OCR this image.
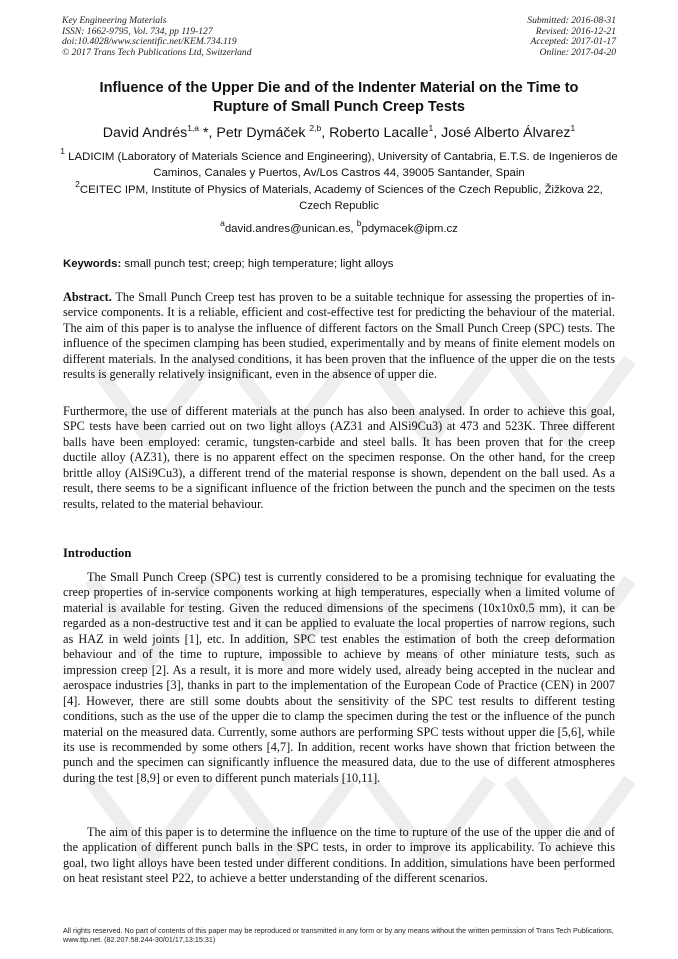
Key Engineering Materials
ISSN: 1662-9795, Vol. 734, pp 119-127
doi:10.4028/www.scientific.net/KEM.734.119
© 2017 Trans Tech Publications Ltd, Switzerland
Submitted: 2016-08-31
Revised: 2016-12-21
Accepted: 2017-01-17
Online: 2017-04-20
Influence of the Upper Die and of the Indenter Material on the Time to
Rupture of Small Punch Creep Tests
David Andrés$^{1,a}$ *, Petr Dymáček $^{2,b}$, Roberto Lacalle$^1$, José Alberto Álvarez$^1$
$^1$ LADICIM (Laboratory of Materials Science and Engineering), University of Cantabria, E.T.S. de Ingenieros de Caminos, Canales y Puertos, Av/Los Castros 44, 39005 Santander, Spain
$^2$CEITEC IPM, Institute of Physics of Materials, Academy of Sciences of the Czech Republic, Žižkova 22, Czech Republic
$^a$david.andres@unican.es, $^b$pdymacek@ipm.cz
Keywords: small punch test; creep; high temperature; light alloys
Abstract. The Small Punch Creep test has proven to be a suitable technique for assessing the properties of in-service components. It is a reliable, efficient and cost-effective test for predicting the behaviour of the material. The aim of this paper is to analyse the influence of different factors on the Small Punch Creep (SPC) tests. The influence of the specimen clamping has been studied, experimentally and by means of finite element models on different materials. In the analysed conditions, it has been proven that the influence of the upper die on the tests results is generally relatively insignificant, even in the absence of upper die.
Furthermore, the use of different materials at the punch has also been analysed. In order to achieve this goal, SPC tests have been carried out on two light alloys (AZ31 and AlSi9Cu3) at 473 and 523K. Three different balls have been employed: ceramic, tungsten-carbide and steel balls. It has been proven that for the creep ductile alloy (AZ31), there is no apparent effect on the specimen response. On the other hand, for the creep brittle alloy (AlSi9Cu3), a different trend of the material response is shown, dependent on the ball used. As a result, there seems to be a significant influence of the friction between the punch and the specimen on the tests results, related to the material behaviour.
Introduction
The Small Punch Creep (SPC) test is currently considered to be a promising technique for evaluating the creep properties of in-service components working at high temperatures, especially when a limited volume of material is available for testing. Given the reduced dimensions of the specimens (10x10x0.5 mm), it can be regarded as a non-destructive test and it can be applied to evaluate the local properties of narrow regions, such as HAZ in weld joints [1], etc. In addition, SPC test enables the estimation of both the creep deformation behaviour and of the time to rupture, impossible to achieve by means of other miniature tests, such as impression creep [2]. As a result, it is more and more widely used, already being accepted in the nuclear and aerospace industries [3], thanks in part to the implementation of the European Code of Practice (CEN) in 2007 [4]. However, there are still some doubts about the sensitivity of the SPC test results to different testing conditions, such as the use of the upper die to clamp the specimen during the test or the influence of the punch material on the measured data. Currently, some authors are performing SPC tests without upper die [5,6], while its use is recommended by some others [4,7]. In addition, recent works have shown that friction between the punch and the specimen can significantly influence the measured data, due to the use of different atmospheres during the test [8,9] or even to different punch materials [10,11].
The aim of this paper is to determine the influence on the time to rupture of the use of the upper die and of the application of different punch balls in the SPC tests, in order to improve its applicability. To achieve this goal, two light alloys have been tested under different conditions. In addition, simulations have been performed on heat resistant steel P22, to achieve a better understanding of the different scenarios.
All rights reserved. No part of contents of this paper may be reproduced or transmitted in any form or by any means without the written permission of Trans Tech Publications, www.ttp.net. (82.207.58.244-30/01/17,13:15:31)
